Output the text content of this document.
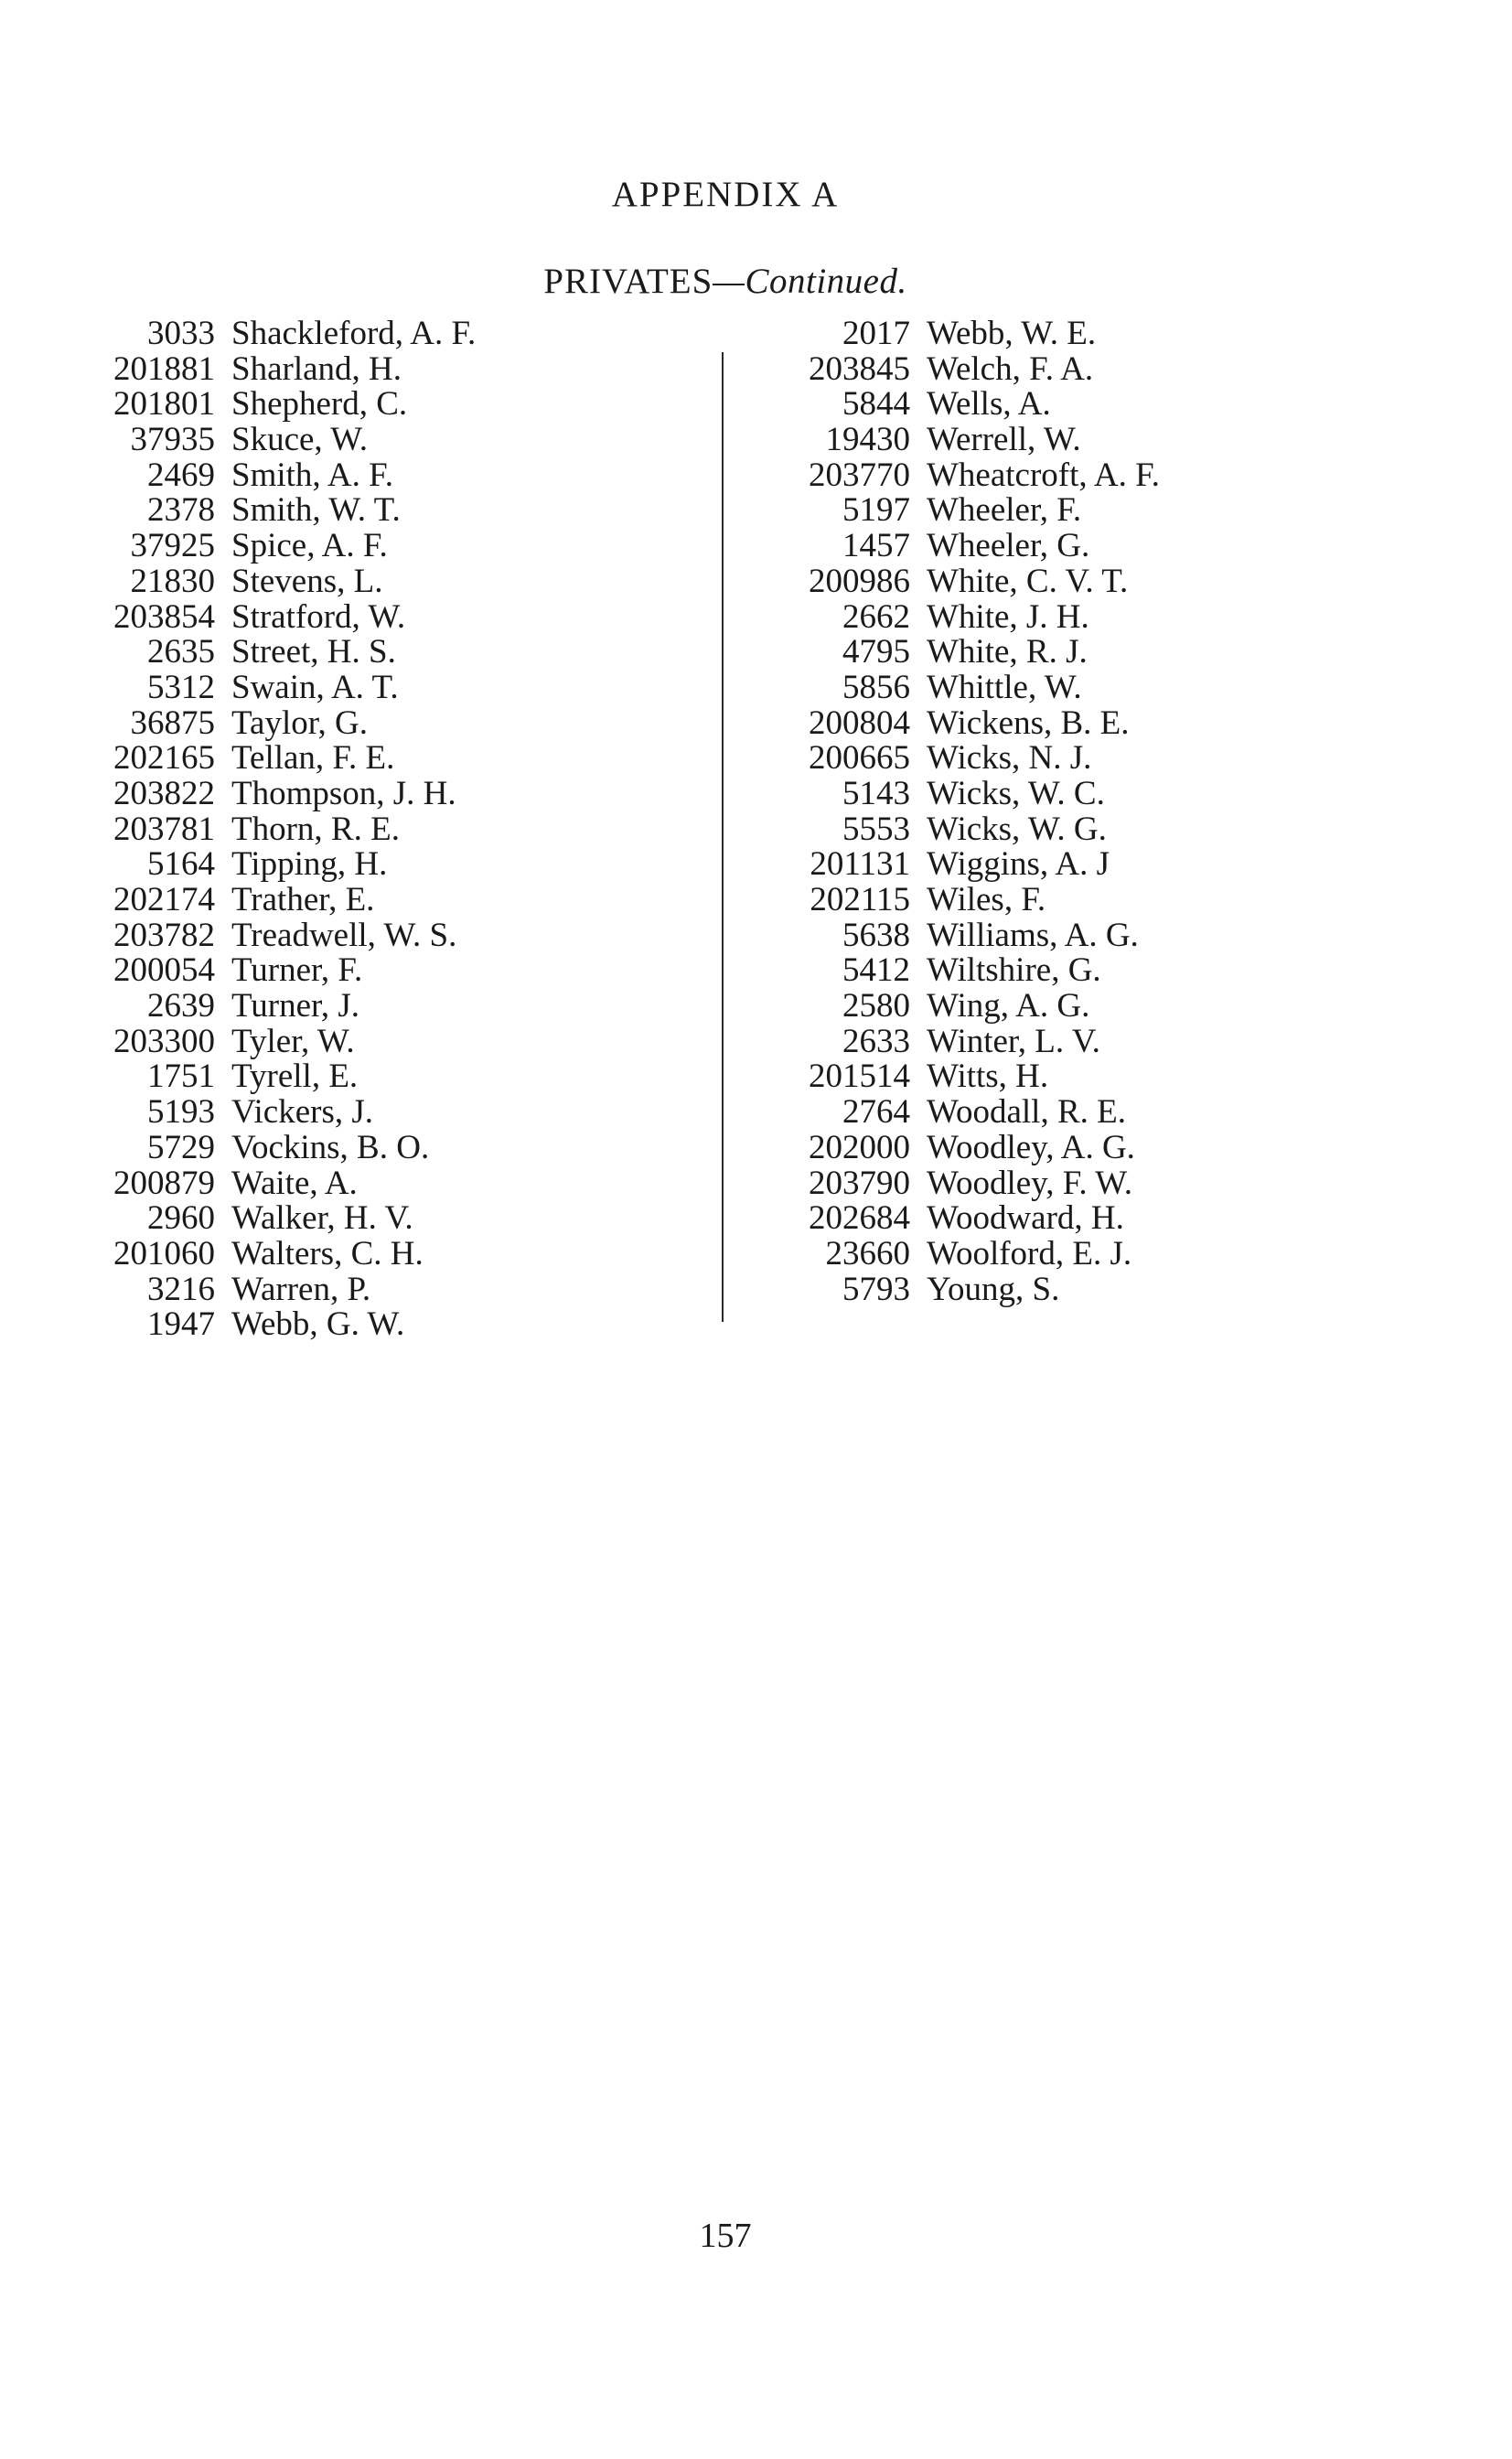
APPENDIX A
PRIVATES—Continued.
3033 Shackleford, A. F.
201881 Sharland, H.
201801 Shepherd, C.
37935 Skuce, W.
2469 Smith, A. F.
2378 Smith, W. T.
37925 Spice, A. F.
21830 Stevens, L.
203854 Stratford, W.
2635 Street, H. S.
5312 Swain, A. T.
36875 Taylor, G.
202165 Tellan, F. E.
203822 Thompson, J. H.
203781 Thorn, R. E.
5164 Tipping, H.
202174 Trather, E.
203782 Treadwell, W. S.
200054 Turner, F.
2639 Turner, J.
203300 Tyler, W.
1751 Tyrell, E.
5193 Vickers, J.
5729 Vockins, B. O.
200879 Waite, A.
2960 Walker, H. V.
201060 Walters, C. H.
3216 Warren, P.
1947 Webb, G. W.
2017 Webb, W. E.
203845 Welch, F. A.
5844 Wells, A.
19430 Werrell, W.
203770 Wheatcroft, A. F.
5197 Wheeler, F.
1457 Wheeler, G.
200986 White, C. V. T.
2662 White, J. H.
4795 White, R. J.
5856 Whittle, W.
200804 Wickens, B. E.
200665 Wicks, N. J.
5143 Wicks, W. C.
5553 Wicks, W. G.
201131 Wiggins, A. J
202115 Wiles, F.
5638 Williams, A. G.
5412 Wiltshire, G.
2580 Wing, A. G.
2633 Winter, L. V.
201514 Witts, H.
2764 Woodall, R. E.
202000 Woodley, A. G.
203790 Woodley, F. W.
202684 Woodward, H.
23660 Woolford, E. J.
5793 Young, S.
157
